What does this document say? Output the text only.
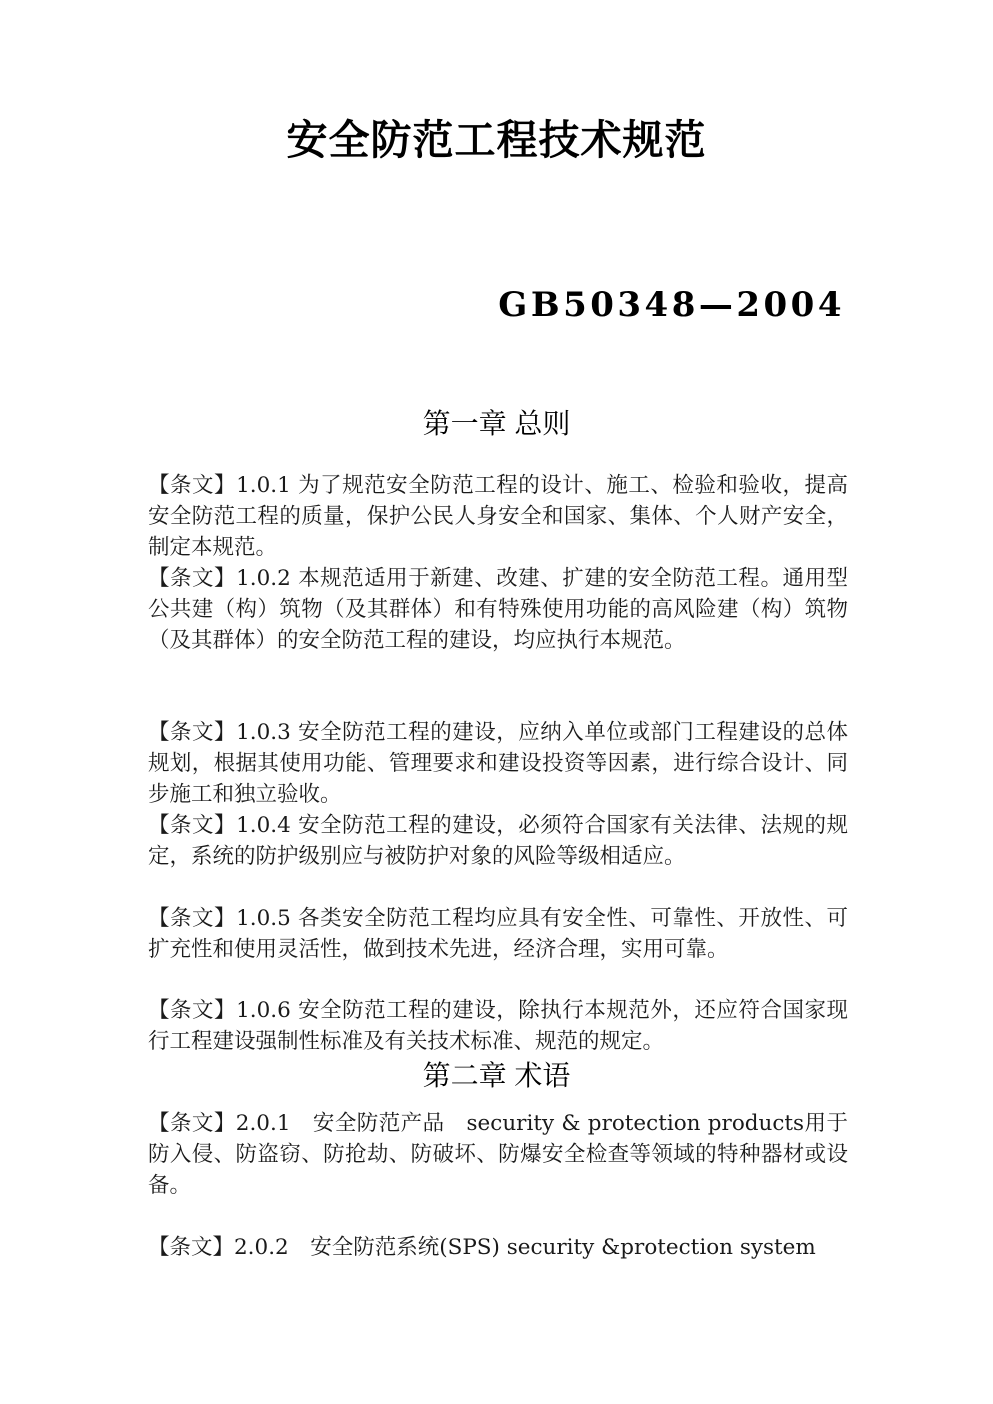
安全防范工程技术规范
GB50348—2004
第一章 总则
【条文】1.0.1 为了规范安全防范工程的设计、施工、检验和验收，提高安全防范工程的质量，保护公民人身安全和国家、集体、个人财产安全，制定本规范。
【条文】1.0.2 本规范适用于新建、改建、扩建的安全防范工程。通用型公共建（构）筑物（及其群体）和有特殊使用功能的高风险建（构）筑物（及其群体）的安全防范工程的建设，均应执行本规范。
【条文】1.0.3 安全防范工程的建设，应纳入单位或部门工程建设的总体规划，根据其使用功能、管理要求和建设投资等因素，进行综合设计、同步施工和独立验收。
【条文】1.0.4 安全防范工程的建设，必须符合国家有关法律、法规的规定，系统的防护级别应与被防护对象的风险等级相适应。
【条文】1.0.5 各类安全防范工程均应具有安全性、可靠性、开放性、可扩充性和使用灵活性，做到技术先进，经济合理，实用可靠。
【条文】1.0.6 安全防范工程的建设，除执行本规范外，还应符合国家现行工程建设强制性标准及有关技术标准、规范的规定。
第二章 术语
【条文】2.0.1　安全防范产品　security & protection products用于防入侵、防盗窃、防抢劫、防破坏、防爆安全检查等领域的特种器材或设备。
【条文】2.0.2　安全防范系统(SPS) security &protection system
